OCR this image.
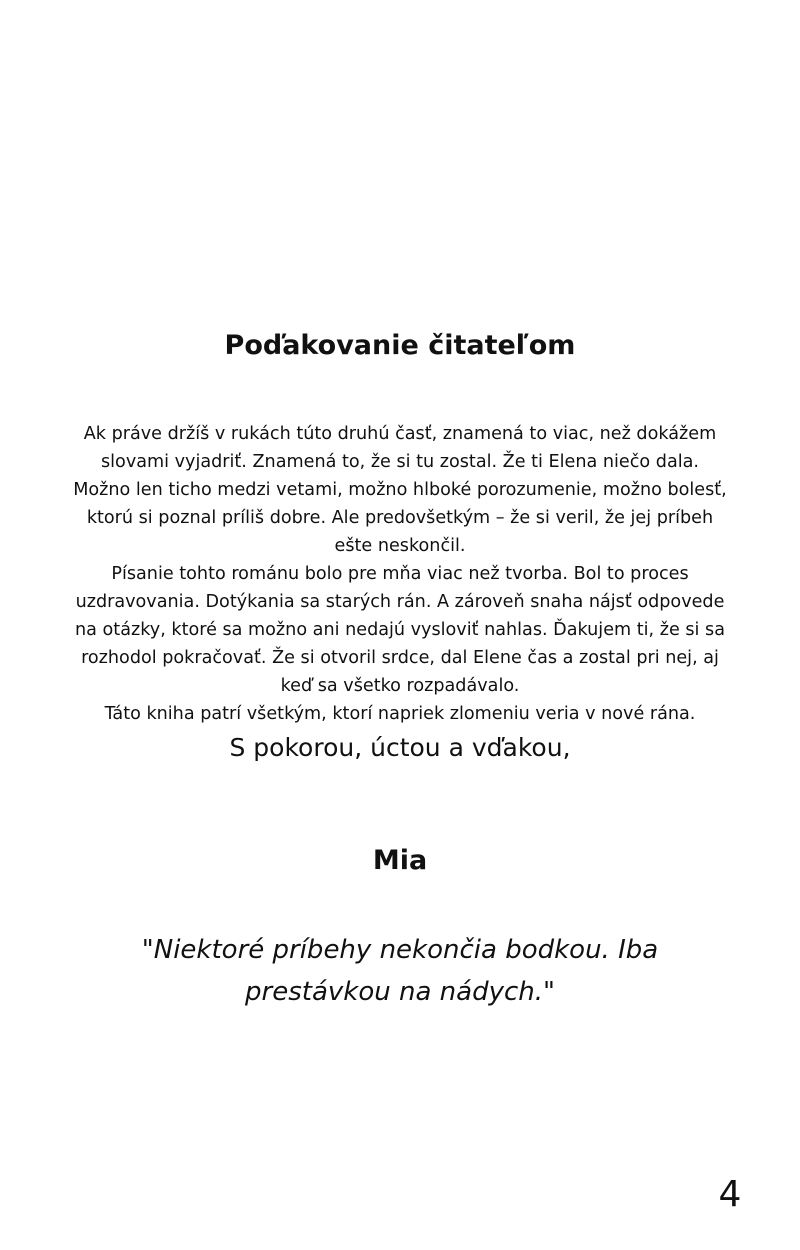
Poďakovanie čitateľom

Ak práve držíš v rukách túto druhú časť, znamená to viac, než dokážem slovami vyjadriť. Znamená to, že si tu zostal. Že ti Elena niečo dala. Možno len ticho medzi vetami, možno hlboké porozumenie, možno bolesť, ktorú si poznal príliš dobre. Ale predovšetkým – že si veril, že jej príbeh ešte neskončil.

Písanie tohto románu bolo pre mňa viac než tvorba. Bol to proces uzdravovania. Dotýkania sa starých rán. A zároveň snaha nájsť odpovede na otázky, ktoré sa možno ani nedajú vysloviť nahlas. Ďakujem ti, že si sa rozhodol pokračovať. Že si otvoril srdce, dal Elene čas a zostal pri nej, aj keď sa všetko rozpadávalo.

Táto kniha patrí všetkým, ktorí napriek zlomeniu veria v nové rána.

S pokorou, úctou a vďakou,

Mia
"Niektoré príbehy nekončia bodkou. Iba prestávkou na nádych."
4
